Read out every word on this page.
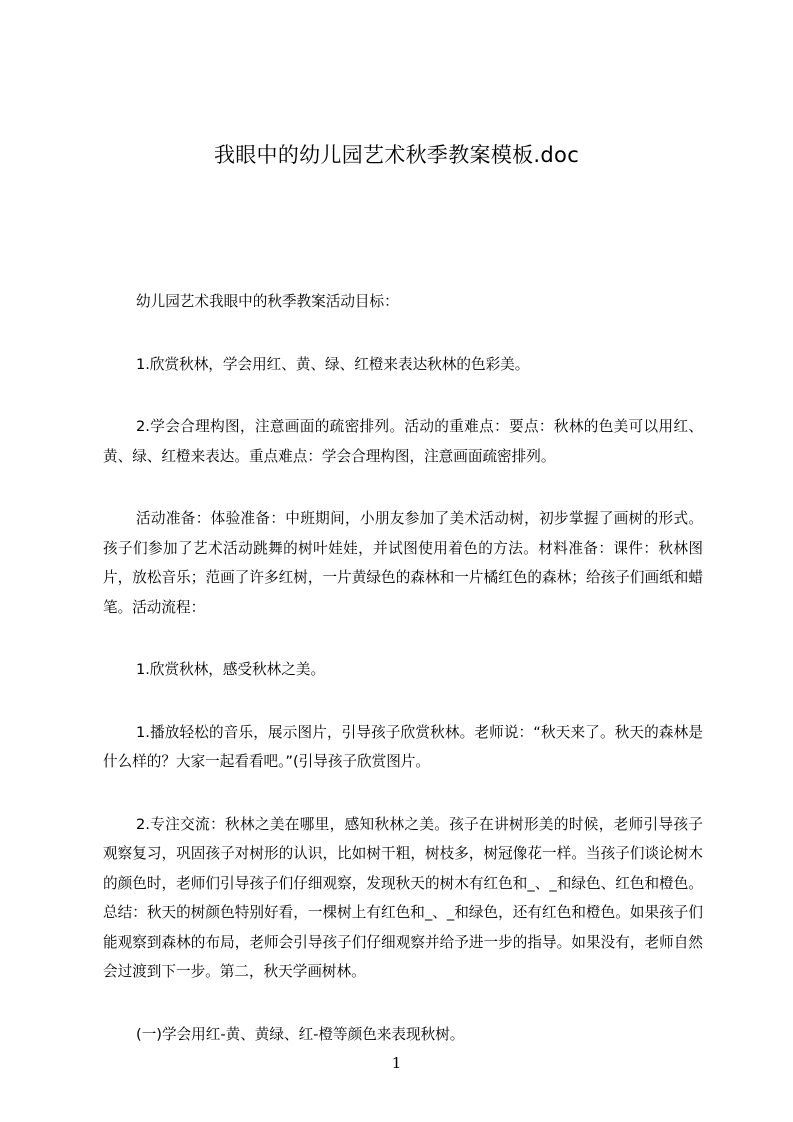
我眼中的幼儿园艺术秋季教案模板.doc

幼儿园艺术我眼中的秋季教案活动目标：

1.欣赏秋林，学会用红、黄、绿、红橙来表达秋林的色彩美。

2.学会合理构图，注意画面的疏密排列。活动的重难点：要点：秋林的色美可以用红、黄、绿、红橙来表达。重点难点：学会合理构图，注意画面疏密排列。

活动准备：体验准备：中班期间，小朋友参加了美术活动树，初步掌握了画树的形式。孩子们参加了艺术活动跳舞的树叶娃娃，并试图使用着色的方法。材料准备：课件：秋林图片，放松音乐；范画了许多红树，一片黄绿色的森林和一片橘红色的森林；给孩子们画纸和蜡笔。活动流程：

1.欣赏秋林，感受秋林之美。

1.播放轻松的音乐，展示图片，引导孩子欣赏秋林。老师说：“秋天来了。秋天的森林是什么样的？大家一起看看吧。”(引导孩子欣赏图片。

2.专注交流：秋林之美在哪里，感知秋林之美。孩子在讲树形美的时候，老师引导孩子观察复习，巩固孩子对树形的认识，比如树干粗，树枝多，树冠像花一样。当孩子们谈论树木的颜色时，老师们引导孩子们仔细观察，发现秋天的树木有红色和_、_和绿色、红色和橙色。总结：秋天的树颜色特别好看，一棵树上有红色和_、_和绿色，还有红色和橙色。如果孩子们能观察到森林的布局，老师会引导孩子们仔细观察并给予进一步的指导。如果没有，老师自然会过渡到下一步。第二，秋天学画树林。

(一)学会用红-黄、黄绿、红-橙等颜色来表现秋树。

1
